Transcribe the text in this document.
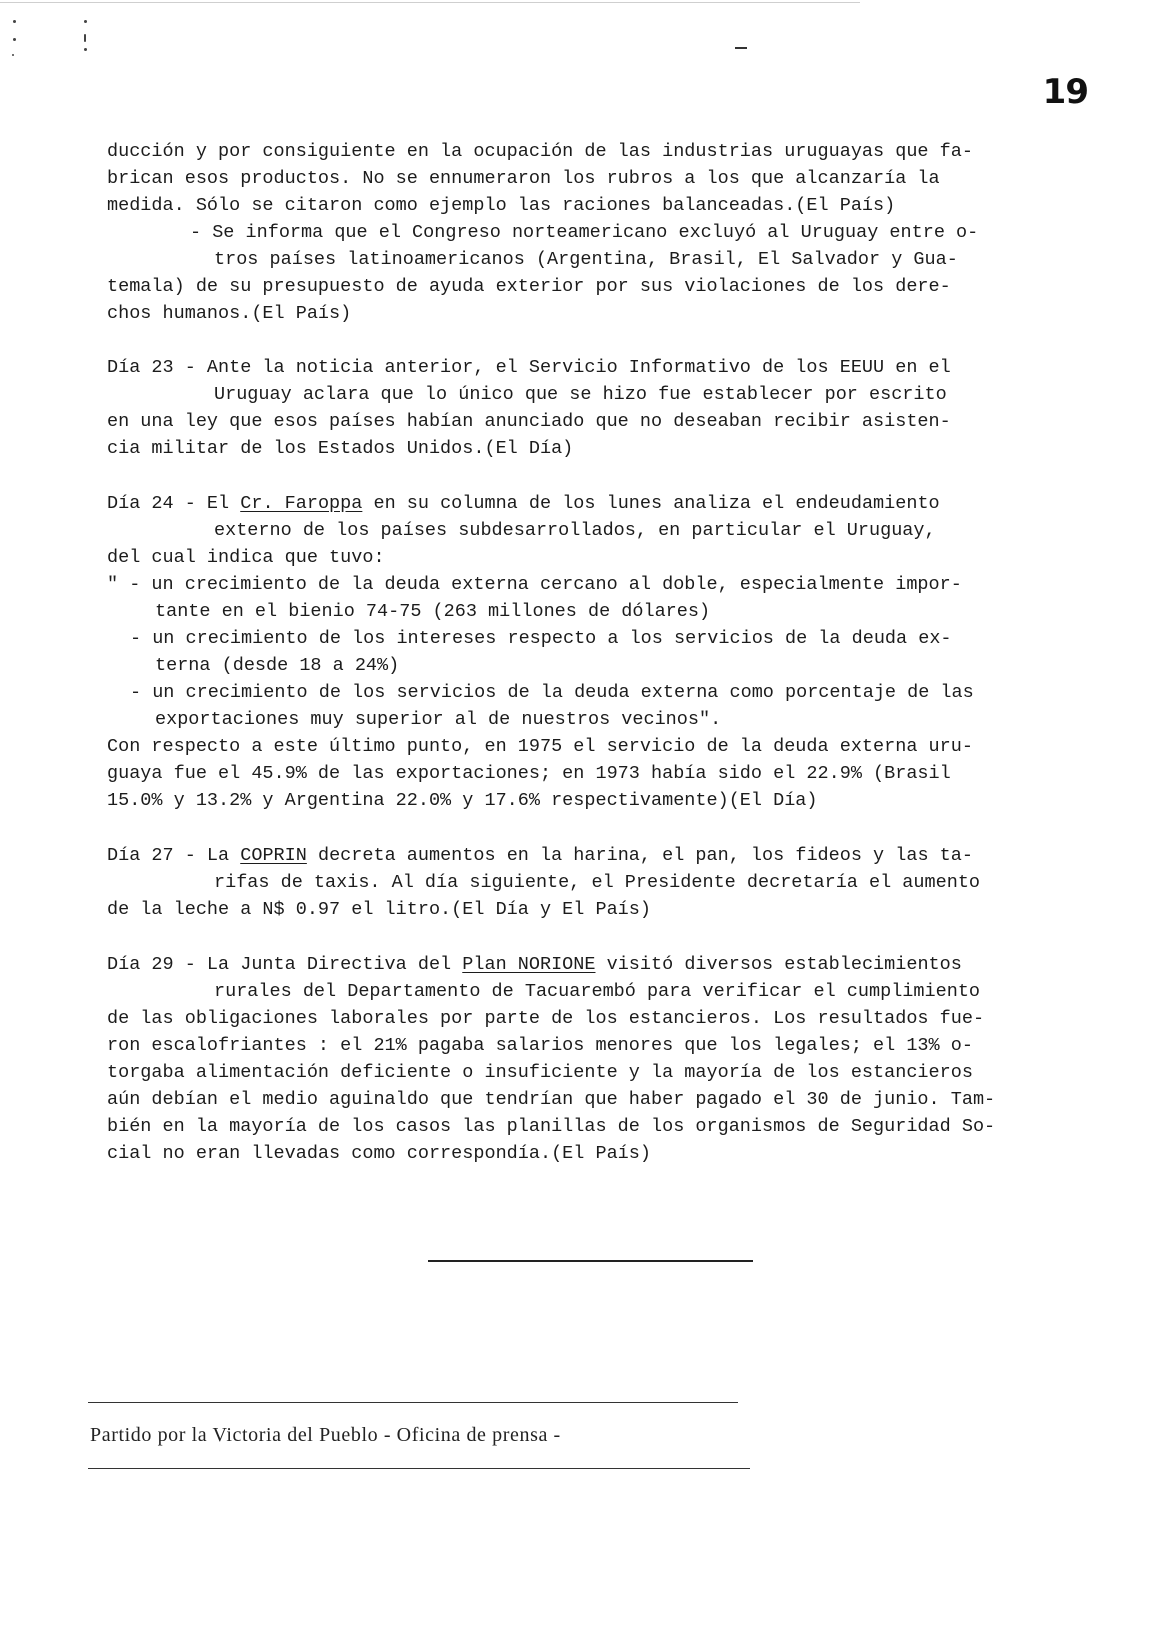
19
ducción y por consiguiente en la ocupación de las industrias uruguayas que fa-
brican esos productos. No se ennumeraron los rubros a los que alcanzaría la
medida. Sólo se citaron como ejemplo las raciones balanceadas.(El País)
- Se informa que el Congreso norteamericano excluyó al Uruguay entre o-
tros países latinoamericanos (Argentina, Brasil, El Salvador y Gua-
temala) de su presupuesto de ayuda exterior por sus violaciones de los dere-
chos humanos.(El País)
Día 23 - Ante la noticia anterior, el Servicio Informativo de los EEUU en el
Uruguay aclara que lo único que se hizo fue establecer por escrito
en una ley que esos países habían anunciado que no deseaban recibir asisten-
cia militar de los Estados Unidos.(El Día)
Día 24 - El Cr. Faroppa en su columna de los lunes analiza el endeudamiento
externo de los países subdesarrollados, en particular el Uruguay,
del cual indica que tuvo:
" - un crecimiento de la deuda externa cercano al doble, especialmente impor-
tante en el bienio 74-75 (263 millones de dólares)
- un crecimiento de los intereses respecto a los servicios de la deuda ex-
terna (desde 18 a 24%)
- un crecimiento de los servicios de la deuda externa como porcentaje de las
exportaciones muy superior al de nuestros vecinos".
Con respecto a este último punto, en 1975 el servicio de la deuda externa uru-
guaya fue el 45.9% de las exportaciones; en 1973 había sido el 22.9% (Brasil
15.0% y 13.2% y Argentina 22.0% y 17.6% respectivamente)(El Día)
Día 27 - La COPRIN decreta aumentos en la harina, el pan, los fideos y las ta-
rifas de taxis. Al día siguiente, el Presidente decretaría el aumento
de la leche a N$ 0.97 el litro.(El Día y El País)
Día 29 - La Junta Directiva del Plan NORIONE visitó diversos establecimientos
rurales del Departamento de Tacuarembó para verificar el cumplimiento
de las obligaciones laborales por parte de los estancieros. Los resultados fue-
ron escalofriantes : el 21% pagaba salarios menores que los legales; el 13% o-
torgaba alimentación deficiente o insuficiente y la mayoría de los estancieros
aún debían el medio aguinaldo que tendrían que haber pagado el 30 de junio. Tam-
bién en la mayoría de los casos las planillas de los organismos de Seguridad So-
cial no eran llevadas como correspondía.(El País)
Partido por la Victoria del Pueblo - Oficina de prensa -
